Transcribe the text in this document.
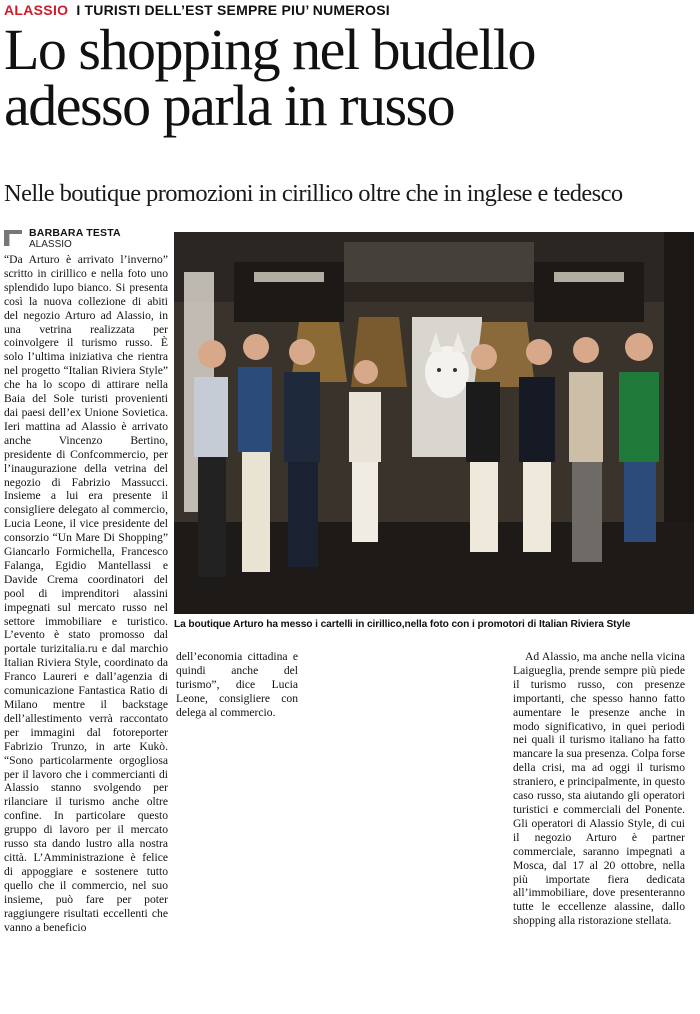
ALASSIO I TURISTI DELL’EST SEMPRE PIU’ NUMEROSI
Lo shopping nel budello
adesso parla in russo
Nelle boutique promozioni in cirillico oltre che in inglese e tedesco
BARBARA TESTA
ALASSIO

“Da Arturo è arrivato l’inverno” scritto in cirillico e nella foto uno splendido lupo bianco. Si presenta così la nuova collezione di abiti del negozio Arturo ad Alassio, in una vetrina realizzata per coinvolgere il turismo russo. È solo l’ultima iniziativa che rientra nel progetto “Italian Riviera Style” che ha lo scopo di attirare nella Baia del Sole turisti provenienti dai paesi dell’ex Unione Sovietica. Ieri mattina ad Alassio è arrivato anche Vincenzo Bertino, presidente di Confcommercio, per l’inaugurazione della vetrina del negozio di Fabrizio Massucci. Insieme a lui era presente il consigliere delegato al commercio, Lucia Leone, il vice presidente del consorzio “Un Mare Di Shopping” Giancarlo Formichella, Francesco Falanga, Egidio Mantellassi e Davide Crema coordinatori del pool di imprenditori alassini impegnati sul mercato russo nel settore immobiliare e turistico. L’evento è stato promosso dal portale turizitalia.ru e dal marchio Italian Riviera Style, coordinato da Franco Laureri e dall’agenzia di comunicazione Fantastica Ratio di Milano mentre il backstage dell’allestimento verrà raccontato per immagini dal fotoreporter Fabrizio Trunzo, in arte Kukò. “Sono particolarmente orgogliosa per il lavoro che i commercianti di Alassio stanno svolgendo per rilanciare il turismo anche oltre confine. In particolare questo gruppo di lavoro per il mercato russo sta dando lustro alla nostra città. L’Amministrazione è felice di appoggiare e sostenere tutto quello che il commercio, nel suo insieme, può fare per poter raggiungere risultati eccellenti che vanno a beneficio

La boutique Arturo ha messo i cartelli in cirillico,nella foto con i promotori di Italian Riviera Style

dell’economia cittadina e quindi anche del turismo”, dice Lucia Leone, consigliere con delega al commercio.

Ad Alassio, ma anche nella vicina Laigueglia, prende sempre più piede il turismo russo, con presenze importanti, che spesso hanno fatto aumentare le presenze anche in modo significativo, in quei periodi nei quali il turismo italiano ha fatto mancare la sua presenza. Colpa forse della crisi, ma ad oggi il turismo straniero, e principalmente, in questo caso russo, sta aiutando gli operatori turistici e commerciali del Ponente. Gli operatori di Alassio Style, di cui il negozio Arturo è partner commerciale, saranno impegnati a Mosca, dal 17 al 20 ottobre, nella più importate fiera dedicata all’immobiliare, dove presenteranno tutte le eccellenze alassine, dallo shopping alla ristorazione stellata.
